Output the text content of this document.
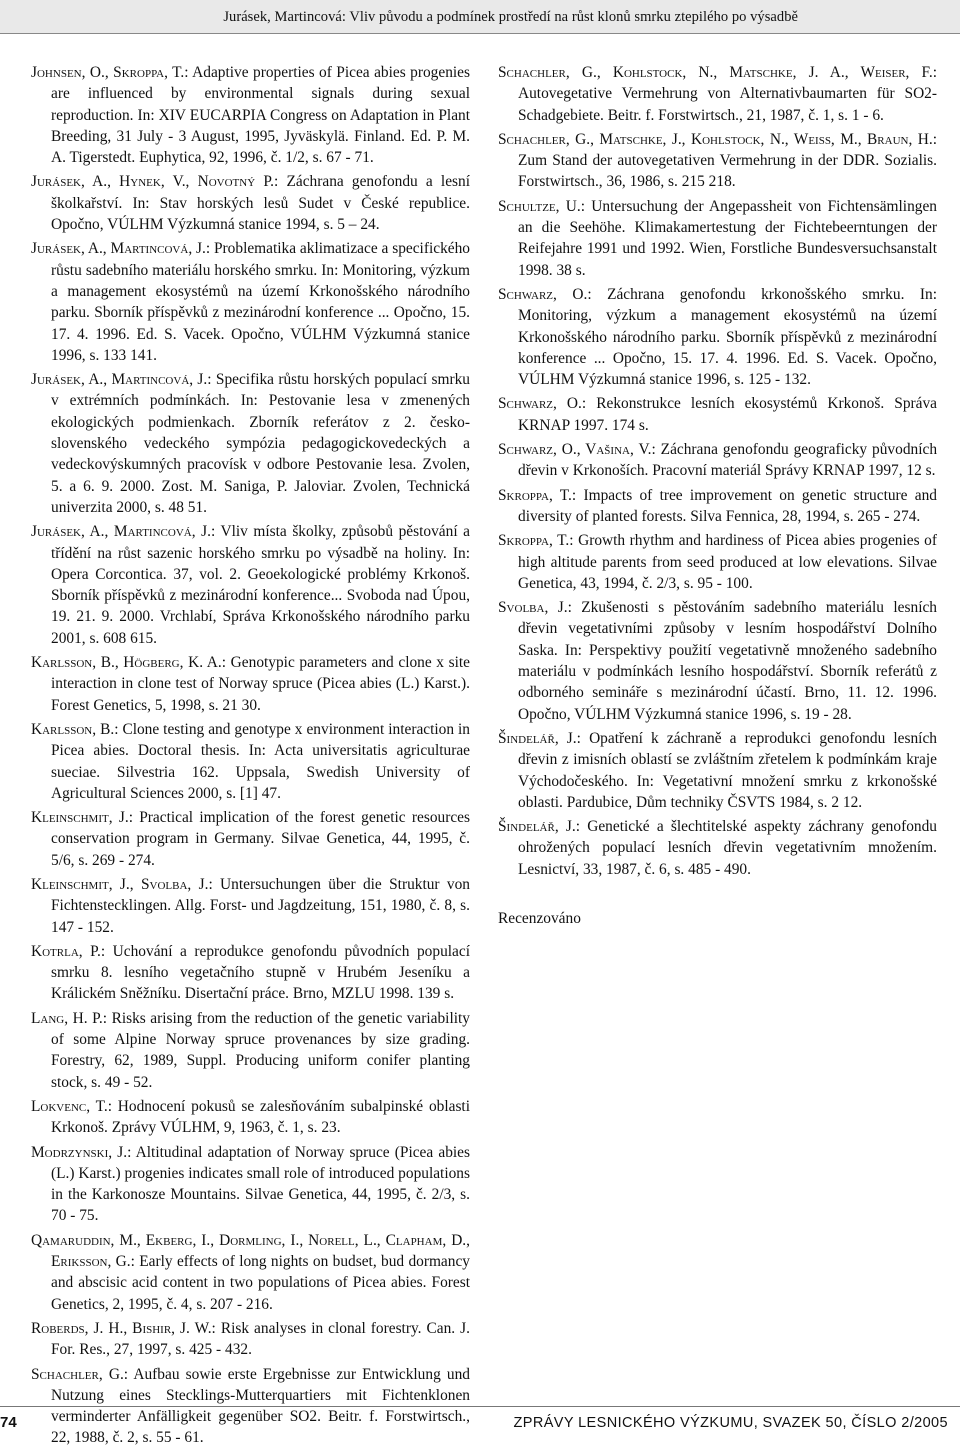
Jurásek, Martincová: Vliv původu a podmínek prostředí na růst klonů smrku ztepilého po výsadbě

Johnsen, O., Skroppa, T.: Adaptive properties of Picea abies progenies are influenced by environmental signals during sexual reproduction. In: XIV EUCARPIA Congress on Adaptation in Plant Breeding, 31 July - 3 August, 1995, Jyväskylä. Finland. Ed. P. M. A. Tigerstedt. Euphytica, 92, 1996, č. 1/2, s. 67 - 71.

Jurásek, A., Hynek, V., Novotný P.: Záchrana genofondu a lesní školkařství. In: Stav horských lesů Sudet v České republice. Opočno, VÚLHM Výzkumná stanice 1994, s. 5 – 24.

Jurásek, A., Martincová, J.: Problematika aklimatizace a specifického růstu sadebního materiálu horského smrku. In: Monitoring, výzkum a management ekosystémů na území Krkonošského národního parku. Sborník příspěvků z mezinárodní konference ... Opočno, 15. 17. 4. 1996. Ed. S. Vacek. Opočno, VÚLHM Výzkumná stanice 1996, s. 133 141.

Jurásek, A., Martincová, J.: Specifika růstu horských populací smrku v extrémních podmínkách. In: Pestovanie lesa v zmenených ekologických podmienkach. Zborník referátov z 2. česko-slovenského vedeckého sympózia pedagogickovedeckých a vedeckovýskumných pracovísk v odbore Pestovanie lesa. Zvolen, 5. a 6. 9. 2000. Zost. M. Saniga, P. Jaloviar. Zvolen, Technická univerzita 2000, s. 48 51.

Jurásek, A., Martincová, J.: Vliv místa školky, způsobů pěstování a třídění na růst sazenic horského smrku po výsadbě na holiny. In: Opera Corcontica. 37, vol. 2. Geoekologické problémy Krkonoš. Sborník příspěvků z mezinárodní konference... Svoboda nad Úpou, 19. 21. 9. 2000. Vrchlabí, Správa Krkonošského národního parku 2001, s. 608 615.

Karlsson, B., Högberg, K. A.: Genotypic parameters and clone x site interaction in clone test of Norway spruce (Picea abies (L.) Karst.). Forest Genetics, 5, 1998, s. 21 30.

Karlsson, B.: Clone testing and genotype x environment interaction in Picea abies. Doctoral thesis. In: Acta universitatis agriculturae sueciae. Silvestria 162. Uppsala, Swedish University of Agricultural Sciences 2000, s. [1] 47.

Kleinschmit, J.: Practical implication of the forest genetic resources conservation program in Germany. Silvae Genetica, 44, 1995, č. 5/6, s. 269 - 274.

Kleinschmit, J., Svolba, J.: Untersuchungen über die Struktur von Fichtenstecklingen. Allg. Forst- und Jagdzeitung, 151, 1980, č. 8, s. 147 - 152.

Kotrla, P.: Uchování a reprodukce genofondu původních populací smrku 8. lesního vegetačního stupně v Hrubém Jeseníku a Králickém Sněžníku. Disertační práce. Brno, MZLU 1998. 139 s.

Lang, H. P.: Risks arising from the reduction of the genetic variability of some Alpine Norway spruce provenances by size grading. Forestry, 62, 1989, Suppl. Producing uniform conifer planting stock, s. 49 - 52.

Lokvenc, T.: Hodnocení pokusů se zalesňováním subalpinské oblasti Krkonoš. Zprávy VÚLHM, 9, 1963, č. 1, s. 23.

Modrzynski, J.: Altitudinal adaptation of Norway spruce (Picea abies (L.) Karst.) progenies indicates small role of introduced populations in the Karkonosze Mountains. Silvae Genetica, 44, 1995, č. 2/3, s. 70 - 75.

Qamaruddin, M., Ekberg, I., Dormling, I., Norell, L., Clapham, D., Eriksson, G.: Early effects of long nights on budset, bud dormancy and abscisic acid content in two populations of Picea abies. Forest Genetics, 2, 1995, č. 4, s. 207 - 216.

Roberds, J. H., Bishir, J. W.: Risk analyses in clonal forestry. Can. J. For. Res., 27, 1997, s. 425 - 432.

Schachler, G.: Aufbau sowie erste Ergebnisse zur Entwicklung und Nutzung eines Stecklings-Mutterquartiers mit Fichtenklonen verminderter Anfälligkeit gegenüber SO2. Beitr. f. Forstwirtsch., 22, 1988, č. 2, s. 55 - 61.

Schachler, G., Kohlstock, N., Matschke, J. A., Weiser, F.: Autovegetative Vermehrung von Alternativbaumarten für SO2-Schadgebiete. Beitr. f. Forstwirtsch., 21, 1987, č. 1, s. 1 - 6.

Schachler, G., Matschke, J., Kohlstock, N., Weiss, M., Braun, H.: Zum Stand der autovegetativen Vermehrung in der DDR. Sozialis. Forstwirtsch., 36, 1986, s. 215 218.

Schultze, U.: Untersuchung der Angepassheit von Fichtensämlingen an die Seehöhe. Klimakamertestung der Fichtebeerntungen der Reifejahre 1991 und 1992. Wien, Forstliche Bundesversuchsanstalt 1998. 38 s.

Schwarz, O.: Záchrana genofondu krkonošského smrku. In: Monitoring, výzkum a management ekosystémů na území Krkonošského národního parku. Sborník příspěvků z mezinárodní konference ... Opočno, 15. 17. 4. 1996. Ed. S. Vacek. Opočno, VÚLHM Výzkumná stanice 1996, s. 125 - 132.

Schwarz, O.: Rekonstrukce lesních ekosystémů Krkonoš. Správa KRNAP 1997. 174 s.

Schwarz, O., Vašina, V.: Záchrana genofondu geograficky původních dřevin v Krkonoších. Pracovní materiál Správy KRNAP 1997, 12 s.

Skroppa, T.: Impacts of tree improvement on genetic structure and diversity of planted forests. Silva Fennica, 28, 1994, s. 265 - 274.

Skroppa, T.: Growth rhythm and hardiness of Picea abies progenies of high altitude parents from seed produced at low elevations. Silvae Genetica, 43, 1994, č. 2/3, s. 95 - 100.

Svolba, J.: Zkušenosti s pěstováním sadebního materiálu lesních dřevin vegetativními způsoby v lesním hospodářství Dolního Saska. In: Perspektivy použití vegetativně množeného sadebního materiálu v podmínkách lesního hospodářství. Sborník referátů z odborného semináře s mezinárodní účastí. Brno, 11. 12. 1996. Opočno, VÚLHM Výzkumná stanice 1996, s. 19 - 28.

Šindelář, J.: Opatření k záchraně a reprodukci genofondu lesních dřevin z imisních oblastí se zvláštním zřetelem k podmínkám kraje Východočeského. In: Vegetativní množení smrku z krkonošské oblasti. Pardubice, Dům techniky ČSVTS 1984, s. 2 12.

Šindelář, J.: Genetické a šlechtitelské aspekty záchrany genofondu ohrožených populací lesních dřevin vegetativním množením. Lesnictví, 33, 1987, č. 6, s. 485 - 490.

Recenzováno

74	ZPRÁVY LESNICKÉHO VÝZKUMU, SVAZEK 50, ČÍSLO 2/2005
